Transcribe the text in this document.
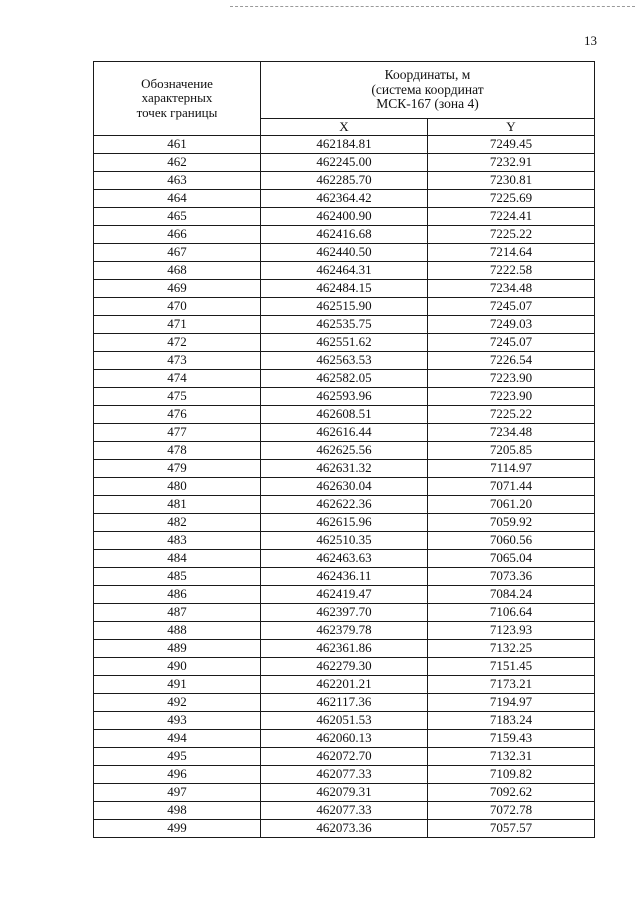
13
Обозначение
характерных
точек границы	Координаты, м
(система координат
МСК-167 (зона 4)	

	X	Y
461	462184.81	7249.45
462	462245.00	7232.91
463	462285.70	7230.81
464	462364.42	7225.69
465	462400.90	7224.41
466	462416.68	7225.22
467	462440.50	7214.64
468	462464.31	7222.58
469	462484.15	7234.48
470	462515.90	7245.07
471	462535.75	7249.03
472	462551.62	7245.07
473	462563.53	7226.54
474	462582.05	7223.90
475	462593.96	7223.90
476	462608.51	7225.22
477	462616.44	7234.48
478	462625.56	7205.85
479	462631.32	7114.97
480	462630.04	7071.44
481	462622.36	7061.20
482	462615.96	7059.92
483	462510.35	7060.56
484	462463.63	7065.04
485	462436.11	7073.36
486	462419.47	7084.24
487	462397.70	7106.64
488	462379.78	7123.93
489	462361.86	7132.25
490	462279.30	7151.45
491	462201.21	7173.21
492	462117.36	7194.97
493	462051.53	7183.24
494	462060.13	7159.43
495	462072.70	7132.31
496	462077.33	7109.82
497	462079.31	7092.62
498	462077.33	7072.78
499	462073.36	7057.57
